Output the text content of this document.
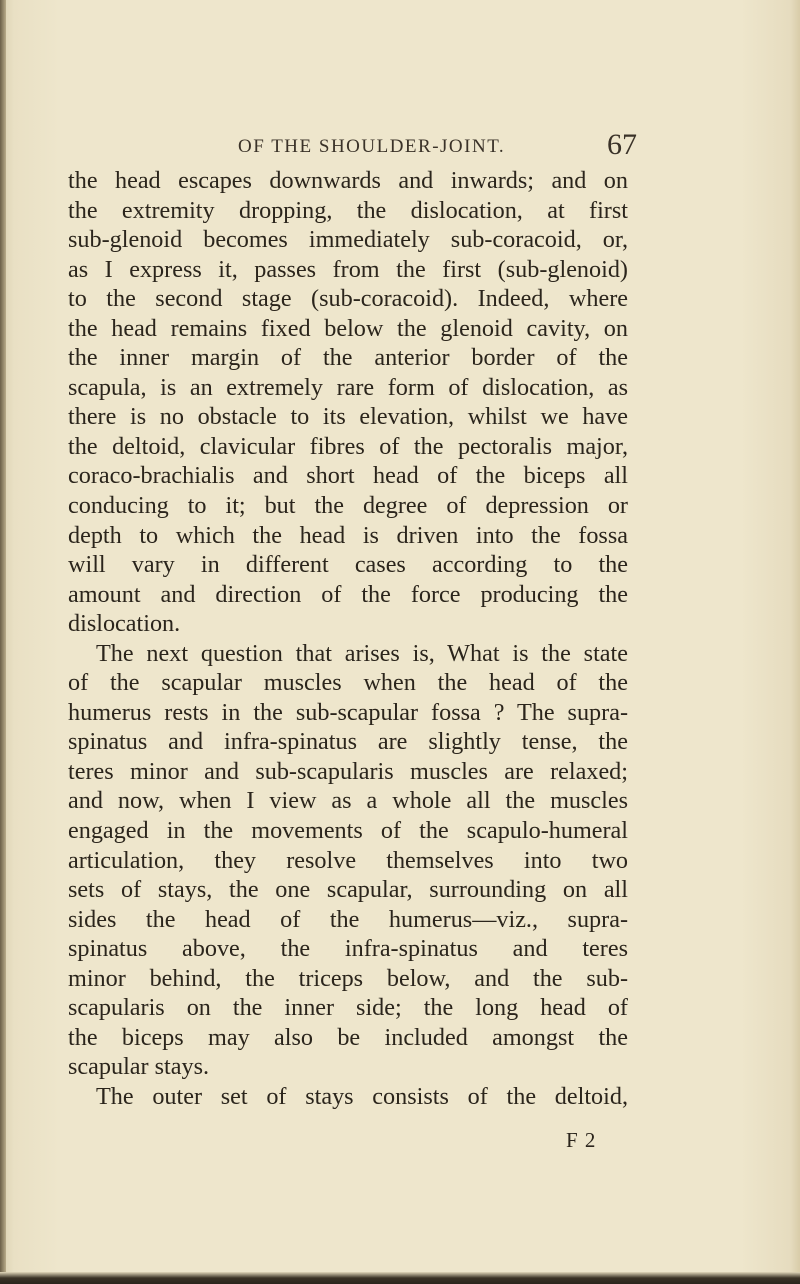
OF THE SHOULDER-JOINT.	67
the head escapes downwards and inwards; and on
the extremity dropping, the dislocation, at first
sub-glenoid becomes immediately sub-coracoid, or,
as I express it, passes from the first (sub-glenoid)
to the second stage (sub-coracoid). Indeed, where
the head remains fixed below the glenoid cavity, on
the inner margin of the anterior border of the
scapula, is an extremely rare form of dislocation, as
there is no obstacle to its elevation, whilst we have
the deltoid, clavicular fibres of the pectoralis major,
coraco-brachialis and short head of the biceps all
conducing to it; but the degree of depression or
depth to which the head is driven into the fossa
will vary in different cases according to the
amount and direction of the force producing the
dislocation.
The next question that arises is, What is the state
of the scapular muscles when the head of the
humerus rests in the sub-scapular fossa ? The supra-
spinatus and infra-spinatus are slightly tense, the
teres minor and sub-scapularis muscles are relaxed;
and now, when I view as a whole all the muscles
engaged in the movements of the scapulo-humeral
articulation, they resolve themselves into two
sets of stays, the one scapular, surrounding on all
sides the head of the humerus—viz., supra-
spinatus above, the infra-spinatus and teres
minor behind, the triceps below, and the sub-
scapularis on the inner side; the long head of
the biceps may also be included amongst the
scapular stays.
The outer set of stays consists of the deltoid,
F 2
